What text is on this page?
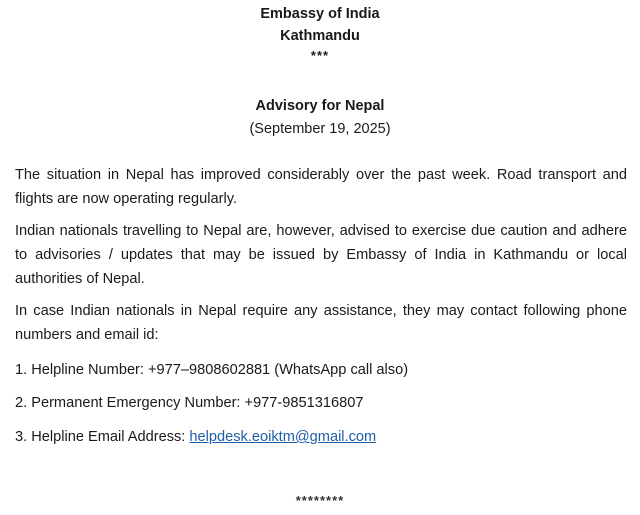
Embassy of India
Kathmandu
***
Advisory for Nepal
(September 19, 2025)
The situation in Nepal has improved considerably over the past week. Road transport and flights are now operating regularly.
Indian nationals travelling to Nepal are, however, advised to exercise due caution and adhere to advisories / updates that may be issued by Embassy of India in Kathmandu or local authorities of Nepal.
In case Indian nationals in Nepal require any assistance, they may contact following phone numbers and email id:
1. Helpline Number: +977–9808602881 (WhatsApp call also)
2. Permanent Emergency Number: +977-9851316807
3. Helpline Email Address: helpdesk.eoiktm@gmail.com
********
